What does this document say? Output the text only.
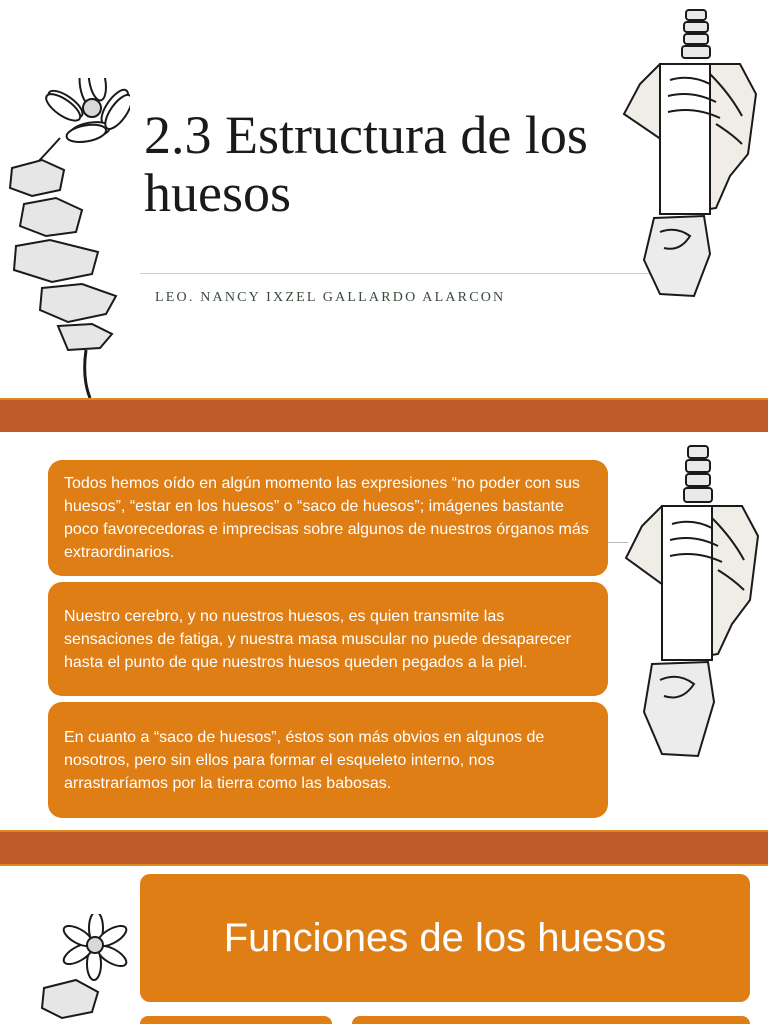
2.3 Estructura de los huesos
LEO. NANCY IXZEL GALLARDO ALARCON
Todos hemos oído en algún momento las expresiones “no poder con sus huesos”, “estar en los huesos” o “saco de huesos”; imágenes bastante poco favorecedoras e imprecisas sobre algunos de nuestros órganos más extraordinarios.
Nuestro cerebro, y no nuestros huesos, es quien transmite las sensaciones de fatiga, y nuestra masa muscular no puede desaparecer hasta el punto de que nuestros huesos queden pegados a la piel.
En cuanto a “saco de huesos”, éstos son más obvios en algunos de nosotros, pero sin ellos para formar el esqueleto interno, nos arrastraríamos por la tierra como las babosas.
Funciones de los huesos
